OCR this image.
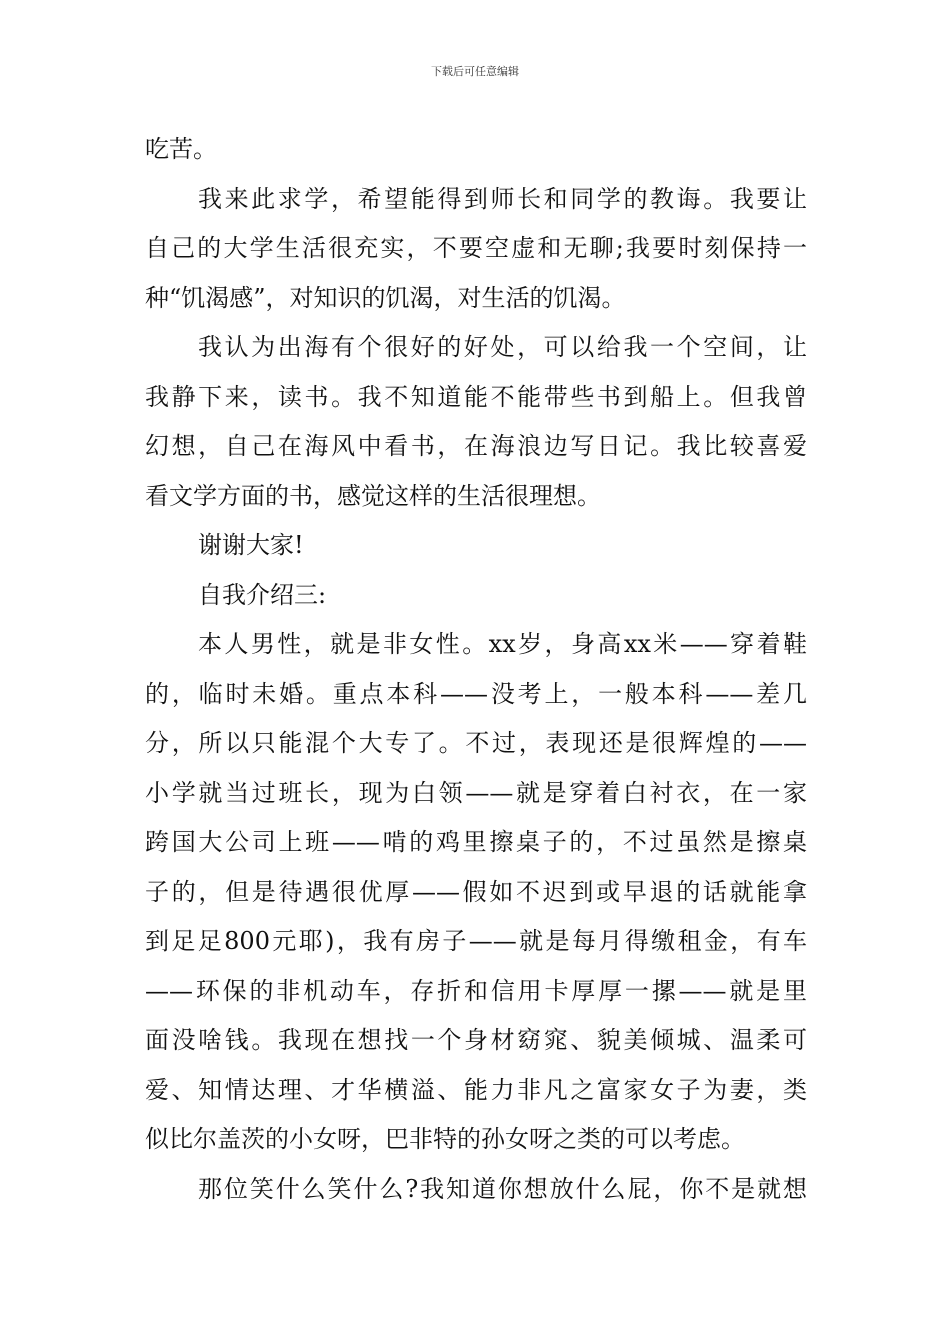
下载后可任意编辑
吃苦。
我来此求学，希望能得到师长和同学的教诲。我要让
自己的大学生活很充实，不要空虚和无聊;我要时刻保持一
种“饥渴感”，对知识的饥渴，对生活的饥渴。
我认为出海有个很好的好处，可以给我一个空间，让
我静下来，读书。我不知道能不能带些书到船上。但我曾
幻想，自己在海风中看书，在海浪边写日记。我比较喜爱
看文学方面的书，感觉这样的生活很理想。
谢谢大家!
自我介绍三:
本人男性，就是非女性。xx岁，身高xx米——穿着鞋
的，临时未婚。重点本科——没考上，一般本科——差几
分，所以只能混个大专了。不过，表现还是很辉煌的——
小学就当过班长，现为白领——就是穿着白衬衣，在一家
跨国大公司上班——啃的鸡里擦桌子的，不过虽然是擦桌
子的，但是待遇很优厚——假如不迟到或早退的话就能拿
到足足800元耶)，我有房子——就是每月得缴租金，有车
——环保的非机动车，存折和信用卡厚厚一摞——就是里
面没啥钱。我现在想找一个身材窈窕、貌美倾城、温柔可
爱、知情达理、才华横溢、能力非凡之富家女子为妻，类
似比尔盖茨的小女呀，巴非特的孙女呀之类的可以考虑。
那位笑什么笑什么?我知道你想放什么屁，你不是就想
